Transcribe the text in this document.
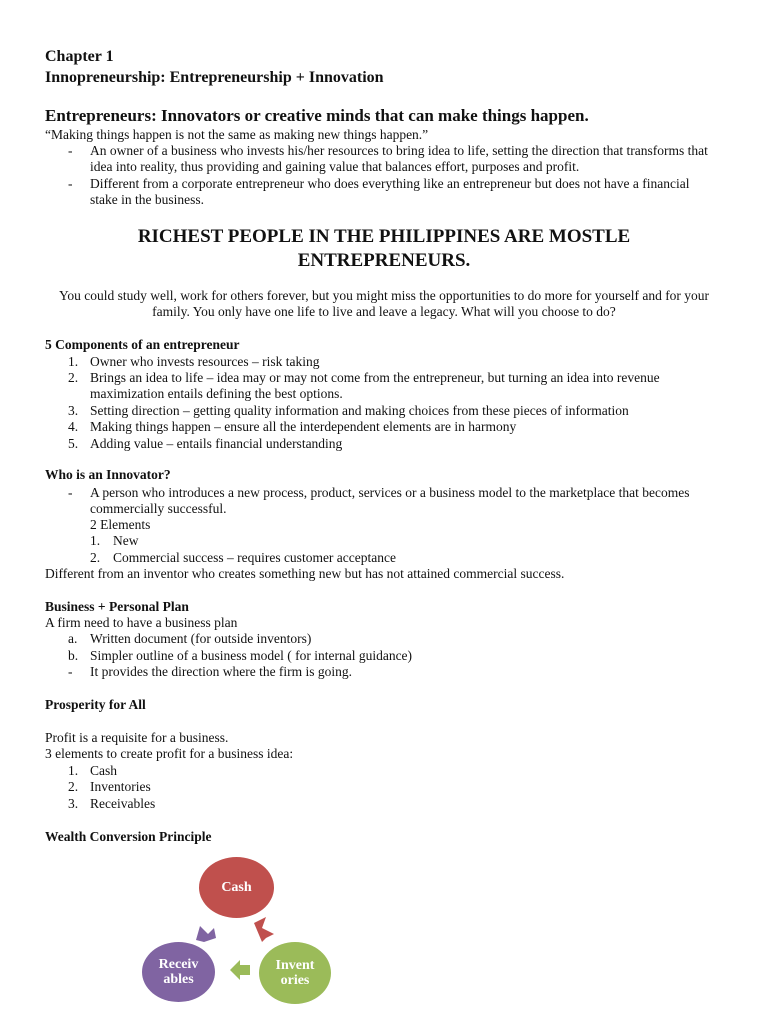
Chapter 1
Innopreneurship: Entrepreneurship + Innovation
Entrepreneurs: Innovators or creative minds that can make things happen.
“Making things happen is not the same as making new things happen.”
- An owner of a business who invests his/her resources to bring idea to life, setting the direction that transforms that
idea into reality, thus providing and gaining value that balances effort, purposes and profit.
- Different from a corporate entrepreneur who does everything like an entrepreneur but does not have a financial
stake in the business.
RICHEST PEOPLE IN THE PHILIPPINES ARE MOSTLE
ENTREPRENEURS.
You could study well, work for others forever, but you might miss the opportunities to do more for yourself and for your
family. You only have one life to live and leave a legacy. What will you choose to do?
5 Components of an entrepreneur
1. Owner who invests resources – risk taking
2. Brings an idea to life – idea may or may not come from the entrepreneur, but turning an idea into revenue
maximization entails defining the best options.
3. Setting direction – getting quality information and making choices from these pieces of information
4. Making things happen – ensure all the interdependent elements are in harmony
5. Adding value – entails financial understanding
Who is an Innovator?
- A person who introduces a new process, product, services or a business model to the marketplace that becomes
commercially successful.
2 Elements
1. New
2. Commercial success – requires customer acceptance
Different from an inventor who creates something new but has not attained commercial success.
Business + Personal Plan
A firm need to have a business plan
a. Written document (for outside inventors)
b. Simpler outline of a business model ( for internal guidance)
- It provides the direction where the firm is going.
Prosperity for All
Profit is a requisite for a business.
3 elements to create profit for a business idea:
1. Cash
2. Inventories
3. Receivables
Wealth Conversion Principle
Cash
Invent
ories
Receiv
ables
